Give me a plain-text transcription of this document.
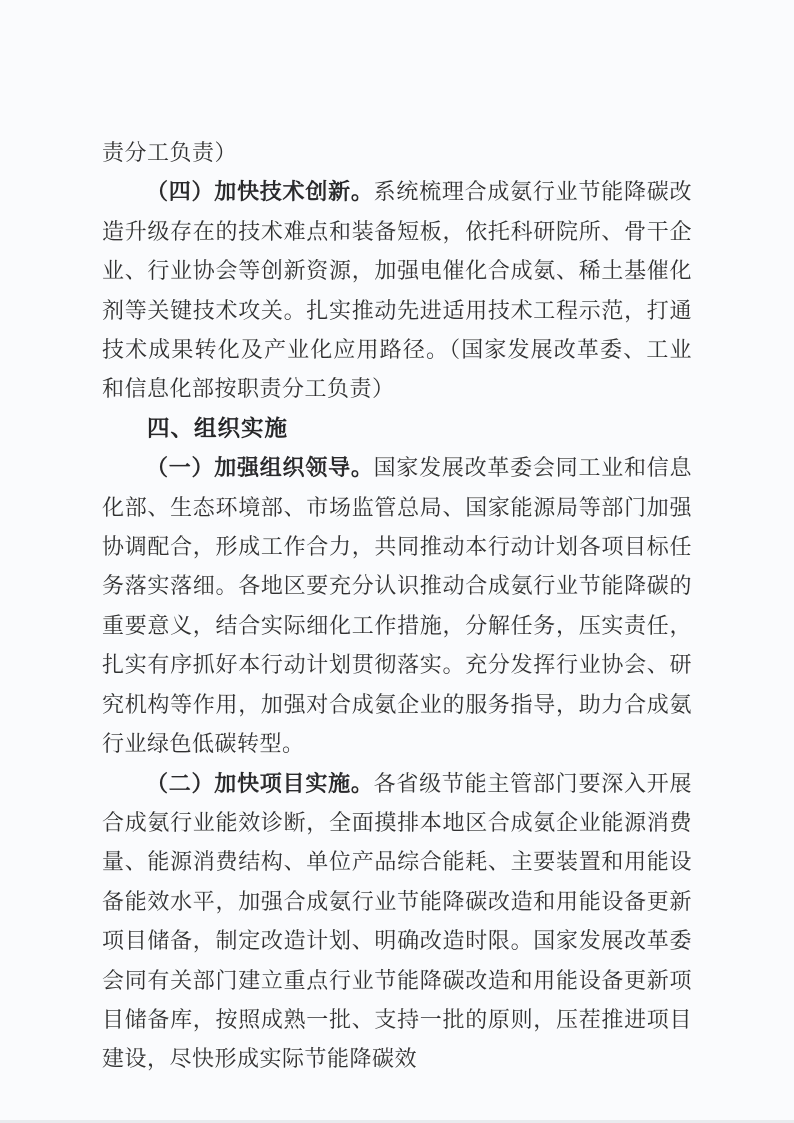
责分工负责）

（四）加快技术创新。系统梳理合成氨行业节能降碳改造升级存在的技术难点和装备短板，依托科研院所、骨干企业、行业协会等创新资源，加强电催化合成氨、稀土基催化剂等关键技术攻关。扎实推动先进适用技术工程示范，打通技术成果转化及产业化应用路径。（国家发展改革委、工业和信息化部按职责分工负责）

四、组织实施

（一）加强组织领导。国家发展改革委会同工业和信息化部、生态环境部、市场监管总局、国家能源局等部门加强协调配合，形成工作合力，共同推动本行动计划各项目标任务落实落细。各地区要充分认识推动合成氨行业节能降碳的重要意义，结合实际细化工作措施，分解任务，压实责任，扎实有序抓好本行动计划贯彻落实。充分发挥行业协会、研究机构等作用，加强对合成氨企业的服务指导，助力合成氨行业绿色低碳转型。

（二）加快项目实施。各省级节能主管部门要深入开展合成氨行业能效诊断，全面摸排本地区合成氨企业能源消费量、能源消费结构、单位产品综合能耗、主要装置和用能设备能效水平，加强合成氨行业节能降碳改造和用能设备更新项目储备，制定改造计划、明确改造时限。国家发展改革委会同有关部门建立重点行业节能降碳改造和用能设备更新项目储备库，按照成熟一批、支持一批的原则，压茬推进项目建设，尽快形成实际节能降碳效
